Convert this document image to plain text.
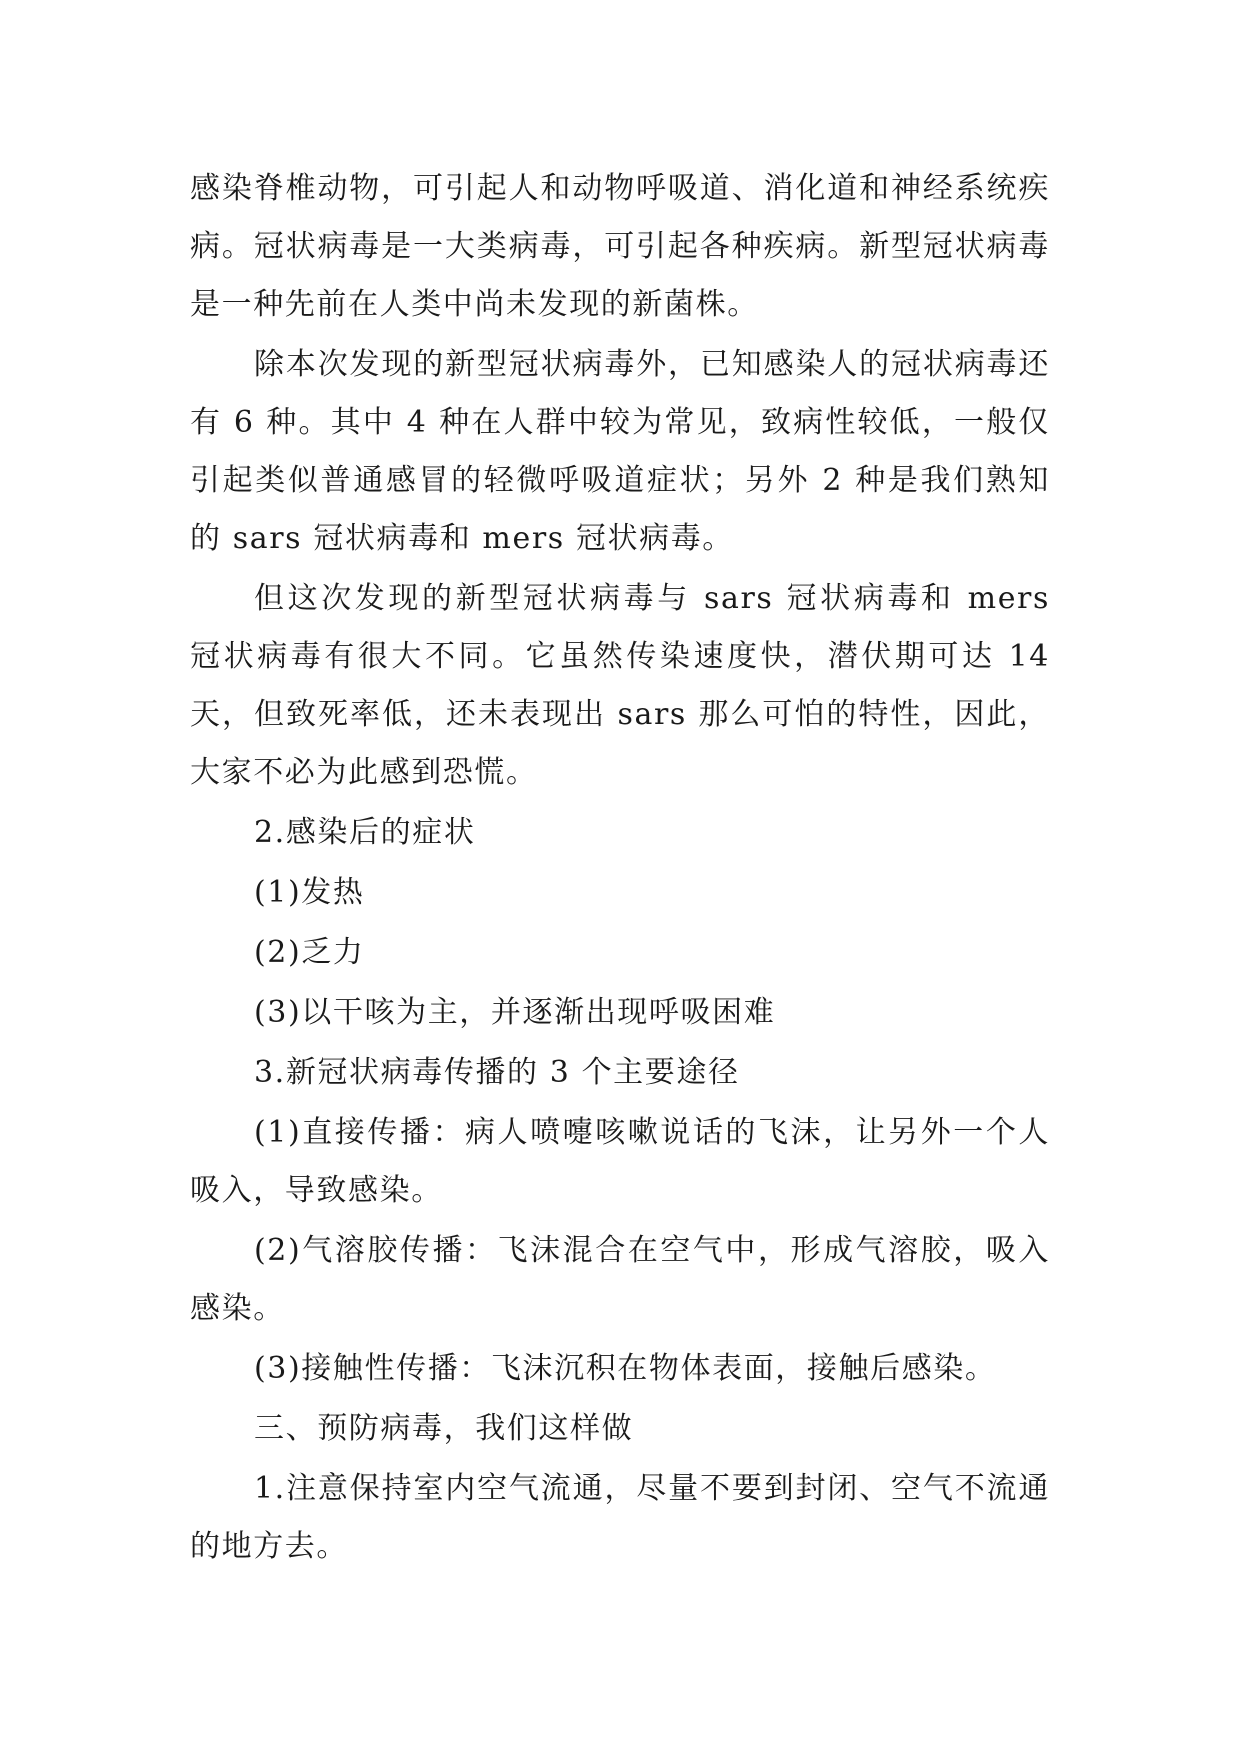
感染脊椎动物，可引起人和动物呼吸道、消化道和神经系统疾病。冠状病毒是一大类病毒，可引起各种疾病。新型冠状病毒是一种先前在人类中尚未发现的新菌株。

除本次发现的新型冠状病毒外，已知感染人的冠状病毒还有 6 种。其中 4 种在人群中较为常见，致病性较低，一般仅引起类似普通感冒的轻微呼吸道症状；另外 2 种是我们熟知的 sars 冠状病毒和 mers 冠状病毒。

但这次发现的新型冠状病毒与 sars 冠状病毒和 mers 冠状病毒有很大不同。它虽然传染速度快，潜伏期可达 14 天，但致死率低，还未表现出 sars 那么可怕的特性，因此，大家不必为此感到恐慌。

2.感染后的症状

(1)发热

(2)乏力

(3)以干咳为主，并逐渐出现呼吸困难

3.新冠状病毒传播的 3 个主要途径

(1)直接传播：病人喷嚏咳嗽说话的飞沫，让另外一个人吸入，导致感染。

(2)气溶胶传播：飞沫混合在空气中，形成气溶胶，吸入感染。

(3)接触性传播：飞沫沉积在物体表面，接触后感染。

三、预防病毒，我们这样做

1.注意保持室内空气流通，尽量不要到封闭、空气不流通的地方去。
